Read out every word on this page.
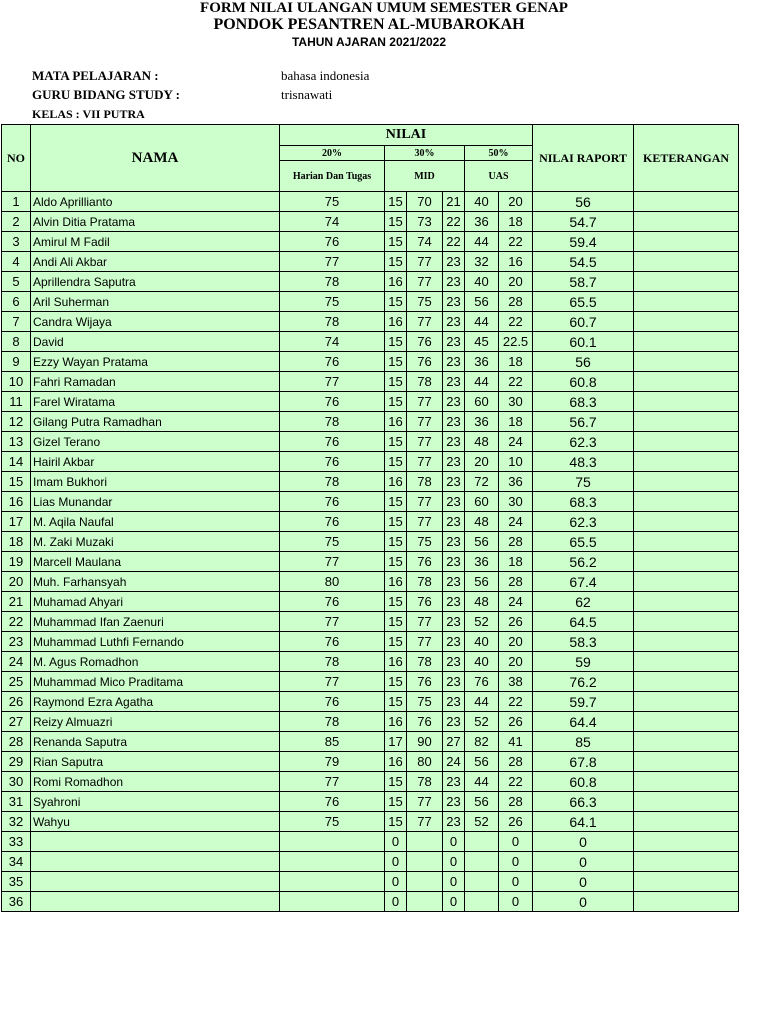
FORM NILAI ULANGAN UMUM SEMESTER GENAP
PONDOK PESANTREN AL-MUBAROKAH
TAHUN AJARAN 2021/2022
MATA PELAJARAN :	bahasa indonesia
GURU BIDANG STUDY :	trisnawati
KELAS : VII PUTRA
NO	NAMA	NILAI						NILAI RAPORT	KETERANGAN
		20%	30%			50%			
		Harian Dan Tugas	MID			UAS			
1	Aldo Aprillianto	75	15	70	21	40	20	56	
2	Alvin Ditia Pratama	74	15	73	22	36	18	54.7	
3	Amirul M Fadil	76	15	74	22	44	22	59.4	
4	Andi Ali Akbar	77	15	77	23	32	16	54.5	
5	Aprillendra Saputra	78	16	77	23	40	20	58.7	
6	Aril Suherman	75	15	75	23	56	28	65.5	
7	Candra Wijaya	78	16	77	23	44	22	60.7	
8	David	74	15	76	23	45	22.5	60.1	
9	Ezzy Wayan Pratama	76	15	76	23	36	18	56	
10	Fahri Ramadan	77	15	78	23	44	22	60.8	
11	Farel Wiratama	76	15	77	23	60	30	68.3	
12	Gilang Putra Ramadhan	78	16	77	23	36	18	56.7	
13	Gizel Terano	76	15	77	23	48	24	62.3	
14	Hairil Akbar	76	15	77	23	20	10	48.3	
15	Imam Bukhori	78	16	78	23	72	36	75	
16	Lias Munandar	76	15	77	23	60	30	68.3	
17	M. Aqila Naufal	76	15	77	23	48	24	62.3	
18	M. Zaki Muzaki	75	15	75	23	56	28	65.5	
19	Marcell Maulana	77	15	76	23	36	18	56.2	
20	Muh. Farhansyah	80	16	78	23	56	28	67.4	
21	Muhamad Ahyari	76	15	76	23	48	24	62	
22	Muhammad Ifan Zaenuri	77	15	77	23	52	26	64.5	
23	Muhammad Luthfi Fernando	76	15	77	23	40	20	58.3	
24	M. Agus Romadhon	78	16	78	23	40	20	59	
25	Muhammad Mico Praditama	77	15	76	23	76	38	76.2	
26	Raymond Ezra Agatha	76	15	75	23	44	22	59.7	
27	Reizy Almuazri	78	16	76	23	52	26	64.4	
28	Renanda Saputra	85	17	90	27	82	41	85	
29	Rian Saputra	79	16	80	24	56	28	67.8	
30	Romi Romadhon	77	15	78	23	44	22	60.8	
31	Syahroni	76	15	77	23	56	28	66.3	
32	Wahyu	75	15	77	23	52	26	64.1	
33			0		0		0	0	
34			0		0		0	0	
35			0		0		0	0	
36			0		0		0	0	
